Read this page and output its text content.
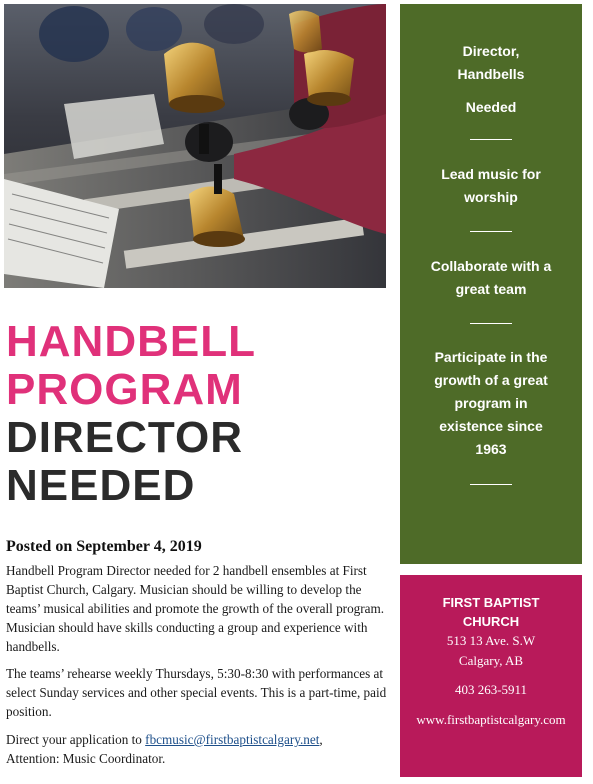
HANDBELL
PROGRAM
DIRECTOR
NEEDED
Posted on September 4, 2019
Handbell Program Director needed for 2 handbell ensembles at First Baptist Church, Calgary. Musician should be willing to develop the teams’ musical abilities and promote the growth of the overall program. Musician should have skills conducting a group and experience with handbells.
The teams’ rehearse weekly Thursdays, 5:30-8:30 with performances at select Sunday services and other special events. This is a part-time, paid position.
Direct your application to fbcmusic@firstbaptistcalgary.net,
Attention: Music Coordinator.
Director,
Handbells
Needed
Lead music for
worship
Collaborate with a
great team
Participate in the
growth of a great
program in
existence since
1963
FIRST BAPTIST
CHURCH
513 13 Ave. S.W
Calgary, AB
403 263-5911
www.firstbaptistcalgary.com
